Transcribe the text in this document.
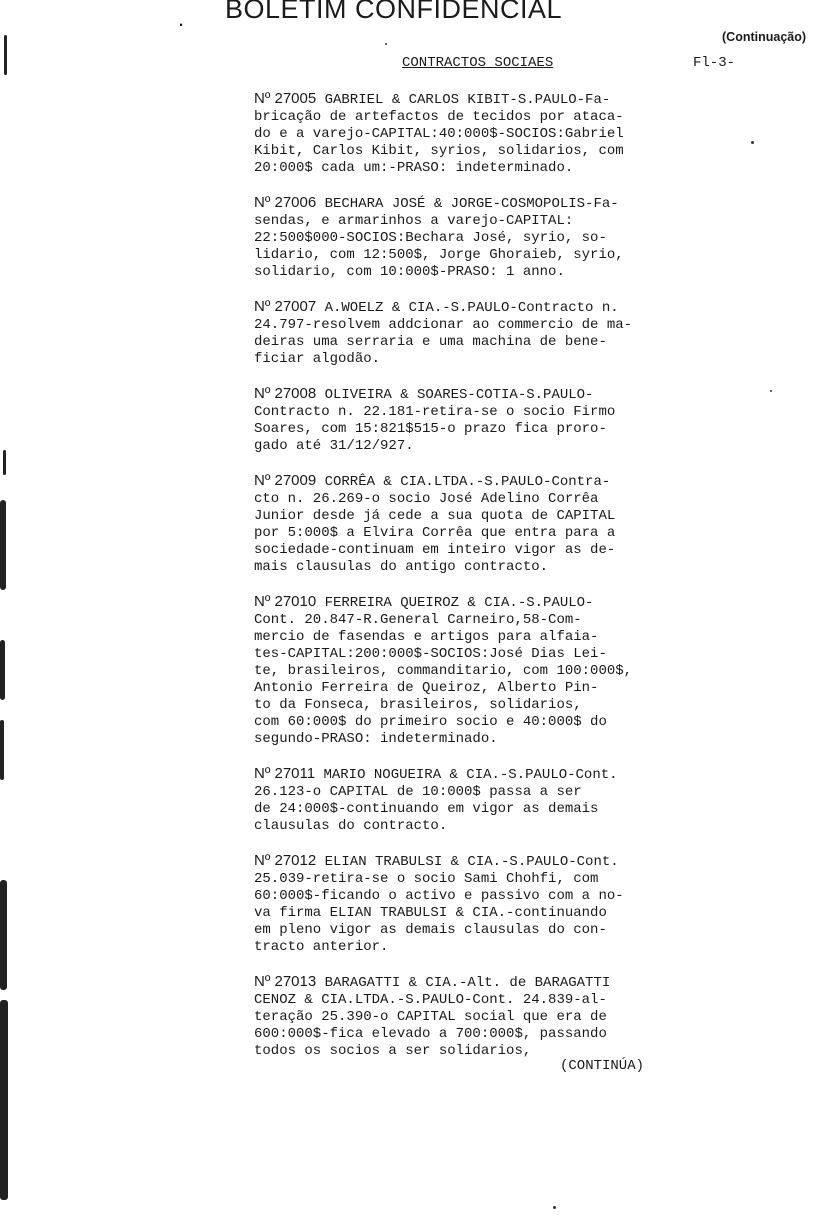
. BOLETIM CONFIDENCIAL
(Continuação)
CONTRACTOS SOCIAES	Fl-3-
Nº 27005 GABRIEL & CARLOS KIBIT-S.PAULO-Fa-
bricação de artefactos de tecidos por ataca-
do e a varejo-CAPITAL:40:000$-SOCIOS:Gabriel
Kibit, Carlos Kibit, syrios, solidarios, com
20:000$ cada um:-PRASO: indeterminado.
Nº 27006 BECHARA JOSÉ & JORGE-COSMOPOLIS-Fa-
sendas, e armarinhos a varejo-CAPITAL:
22:500$000-SOCIOS:Bechara José, syrio, so-
lidario, com 12:500$, Jorge Ghoraieb, syrio,
solidario, com 10:000$-PRASO: 1 anno.
Nº 27007 A.WOELZ & CIA.-S.PAULO-Contracto n.
24.797-resolvem addcionar ao commercio de ma-
deiras uma serraria e uma machina de bene-
ficiar algodão.
Nº 27008 OLIVEIRA & SOARES-COTIA-S.PAULO-
Contracto n. 22.181-retira-se o socio Firmo
Soares, com 15:821$515-o prazo fica proro-
gado até 31/12/927.
Nº 27009 CORRÊA & CIA.LTDA.-S.PAULO-Contra-
cto n. 26.269-o socio José Adelino Corrêa
Junior desde já cede a sua quota de CAPITAL
por 5:000$ a Elvira Corrêa que entra para a
sociedade-continuam em inteiro vigor as de-
mais clausulas do antigo contracto.
Nº 27010 FERREIRA QUEIROZ & CIA.-S.PAULO-
Cont. 20.847-R.General Carneiro,58-Com-
mercio de fasendas e artigos para alfaia-
tes-CAPITAL:200:000$-SOCIOS:José Dias Lei-
te, brasileiros, commanditario, com 100:000$,
Antonio Ferreira de Queiroz, Alberto Pin-
to da Fonseca, brasileiros, solidarios,
com 60:000$ do primeiro socio e 40:000$ do
segundo-PRASO: indeterminado.
Nº 27011 MARIO NOGUEIRA & CIA.-S.PAULO-Cont.
26.123-o CAPITAL de 10:000$ passa a ser
de 24:000$-continuando em vigor as demais
clausulas do contracto.
Nº 27012 ELIAN TRABULSI & CIA.-S.PAULO-Cont.
25.039-retira-se o socio Sami Chohfi, com
60:000$-ficando o activo e passivo com a no-
va firma ELIAN TRABULSI & CIA.-continuando
em pleno vigor as demais clausulas do con-
tracto anterior.
Nº 27013 BARAGATTI & CIA.-Alt. de BARAGATTI
CENOZ & CIA.LTDA.-S.PAULO-Cont. 24.839-al-
teração 25.390-o CAPITAL social que era de
600:000$-fica elevado a 700:000$, passando
todos os socios a ser solidarios,
(CONTINÚA)
